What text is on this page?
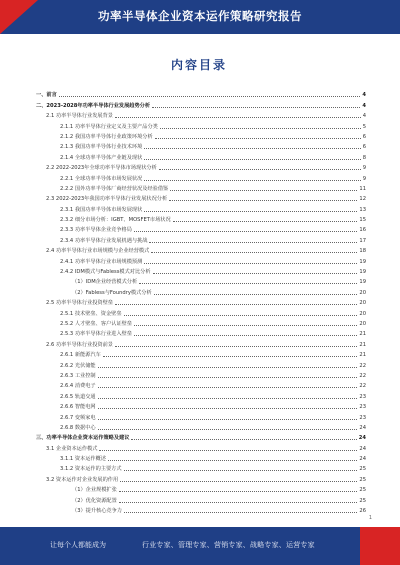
功率半导体企业资本运作策略研究报告
内容目录
一、前言	4
二、2023-2028年功率半导体行业发展趋势分析	4
2.1 功率半导体行业发展背景	4
2.1.1 功率半导体行业定义及主要产品分类	5
2.1.2 我国功率半导体行业政策环境分析	6
2.1.3 我国功率半导体行业技术环境	6
2.1.4 全球功率半导体产业链及现状	8
2.2 2022-2023年全球功率半导体市场现状分析	9
2.2.1 全球功率半导体市场发展状况	9
2.2.2 国外功率半导体厂商经营状况及经验借鉴	11
2.3 2022-2023年我国功率半导体行业发展状况分析	12
2.3.1 我国功率半导体市场发展现状	13
2.3.2 细分市场分析：IGBT、MOSFET市场状况	15
2.3.3 功率半导体企业竞争格局	16
2.3.4 功率半导体行业发展机遇与挑战	17
2.4 功率半导体行业市场规模与企业经营模式	18
2.4.1 功率半导体行业市场规模预测	19
2.4.2 IDM模式与Fabless模式对比分析	19
（1）IDM企业经营模式分析	19
（2）Fabless与Foundry模式分析	20
2.5 功率半导体行业投资壁垒	20
2.5.1 技术壁垒、资金壁垒	20
2.5.2 人才壁垒、客户认证壁垒	20
2.5.3 功率半导体行业进入壁垒	21
2.6 功率半导体行业投资前景	21
2.6.1 新能源汽车	21
2.6.2 光伏储能	22
2.6.3 工业控制	22
2.6.4 消费电子	22
2.6.5 轨道交通	23
2.6.6 智能电网	23
2.6.7 变频家电	23
2.6.8 数据中心	24
三、功率半导体企业资本运作策略及建议	24
3.1 企业资本运作模式	24
3.1.1 资本运作概述	24
3.1.2 资本运作的主要方式	25
3.2 资本运作对企业发展的作用	25
（1）企业规模扩张	25
（2）优化资源配置	25
（3）提升核心竞争力	26
1
让每个人都能成为	行业专家、管理专家、营销专家、战略专家、运营专家
